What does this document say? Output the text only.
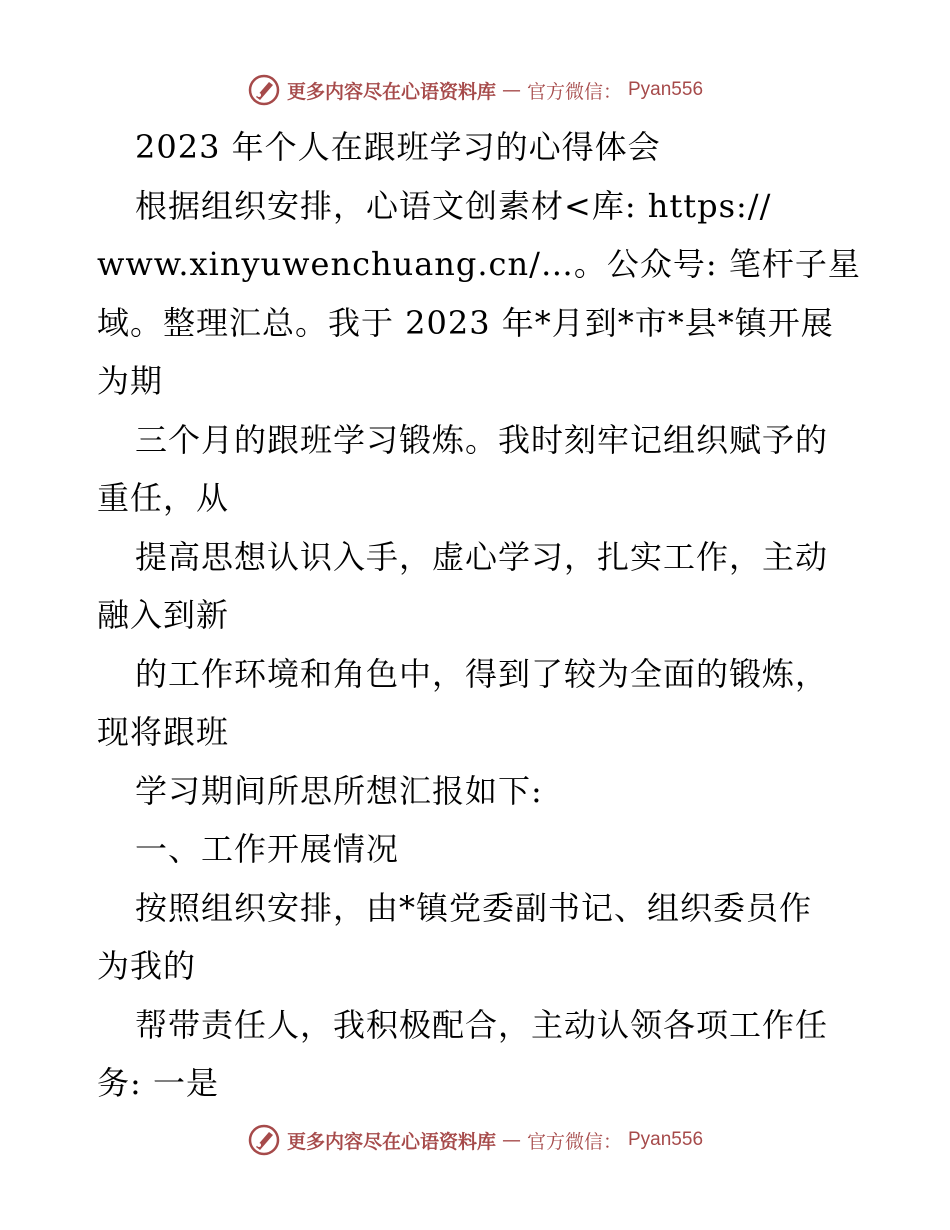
更多内容尽在心语资料库 — 官方微信： Pyan556
2023 年个人在跟班学习的心得体会
根据组织安排，心语文创素材<库: https://
www.xinyuwenchuang.cn/…。公众号: 笔杆子星
域。整理汇总。我于 2023 年*月到*市*县*镇开展
为期
三个月的跟班学习锻炼。我时刻牢记组织赋予的
重任，从
提高思想认识入手，虚心学习，扎实工作，主动
融入到新
的工作环境和角色中，得到了较为全面的锻炼，
现将跟班
学习期间所思所想汇报如下:
一、工作开展情况
按照组织安排，由*镇党委副书记、组织委员作
为我的
帮带责任人，我积极配合，主动认领各项工作任
务: 一是
更多内容尽在心语资料库 — 官方微信： Pyan556
